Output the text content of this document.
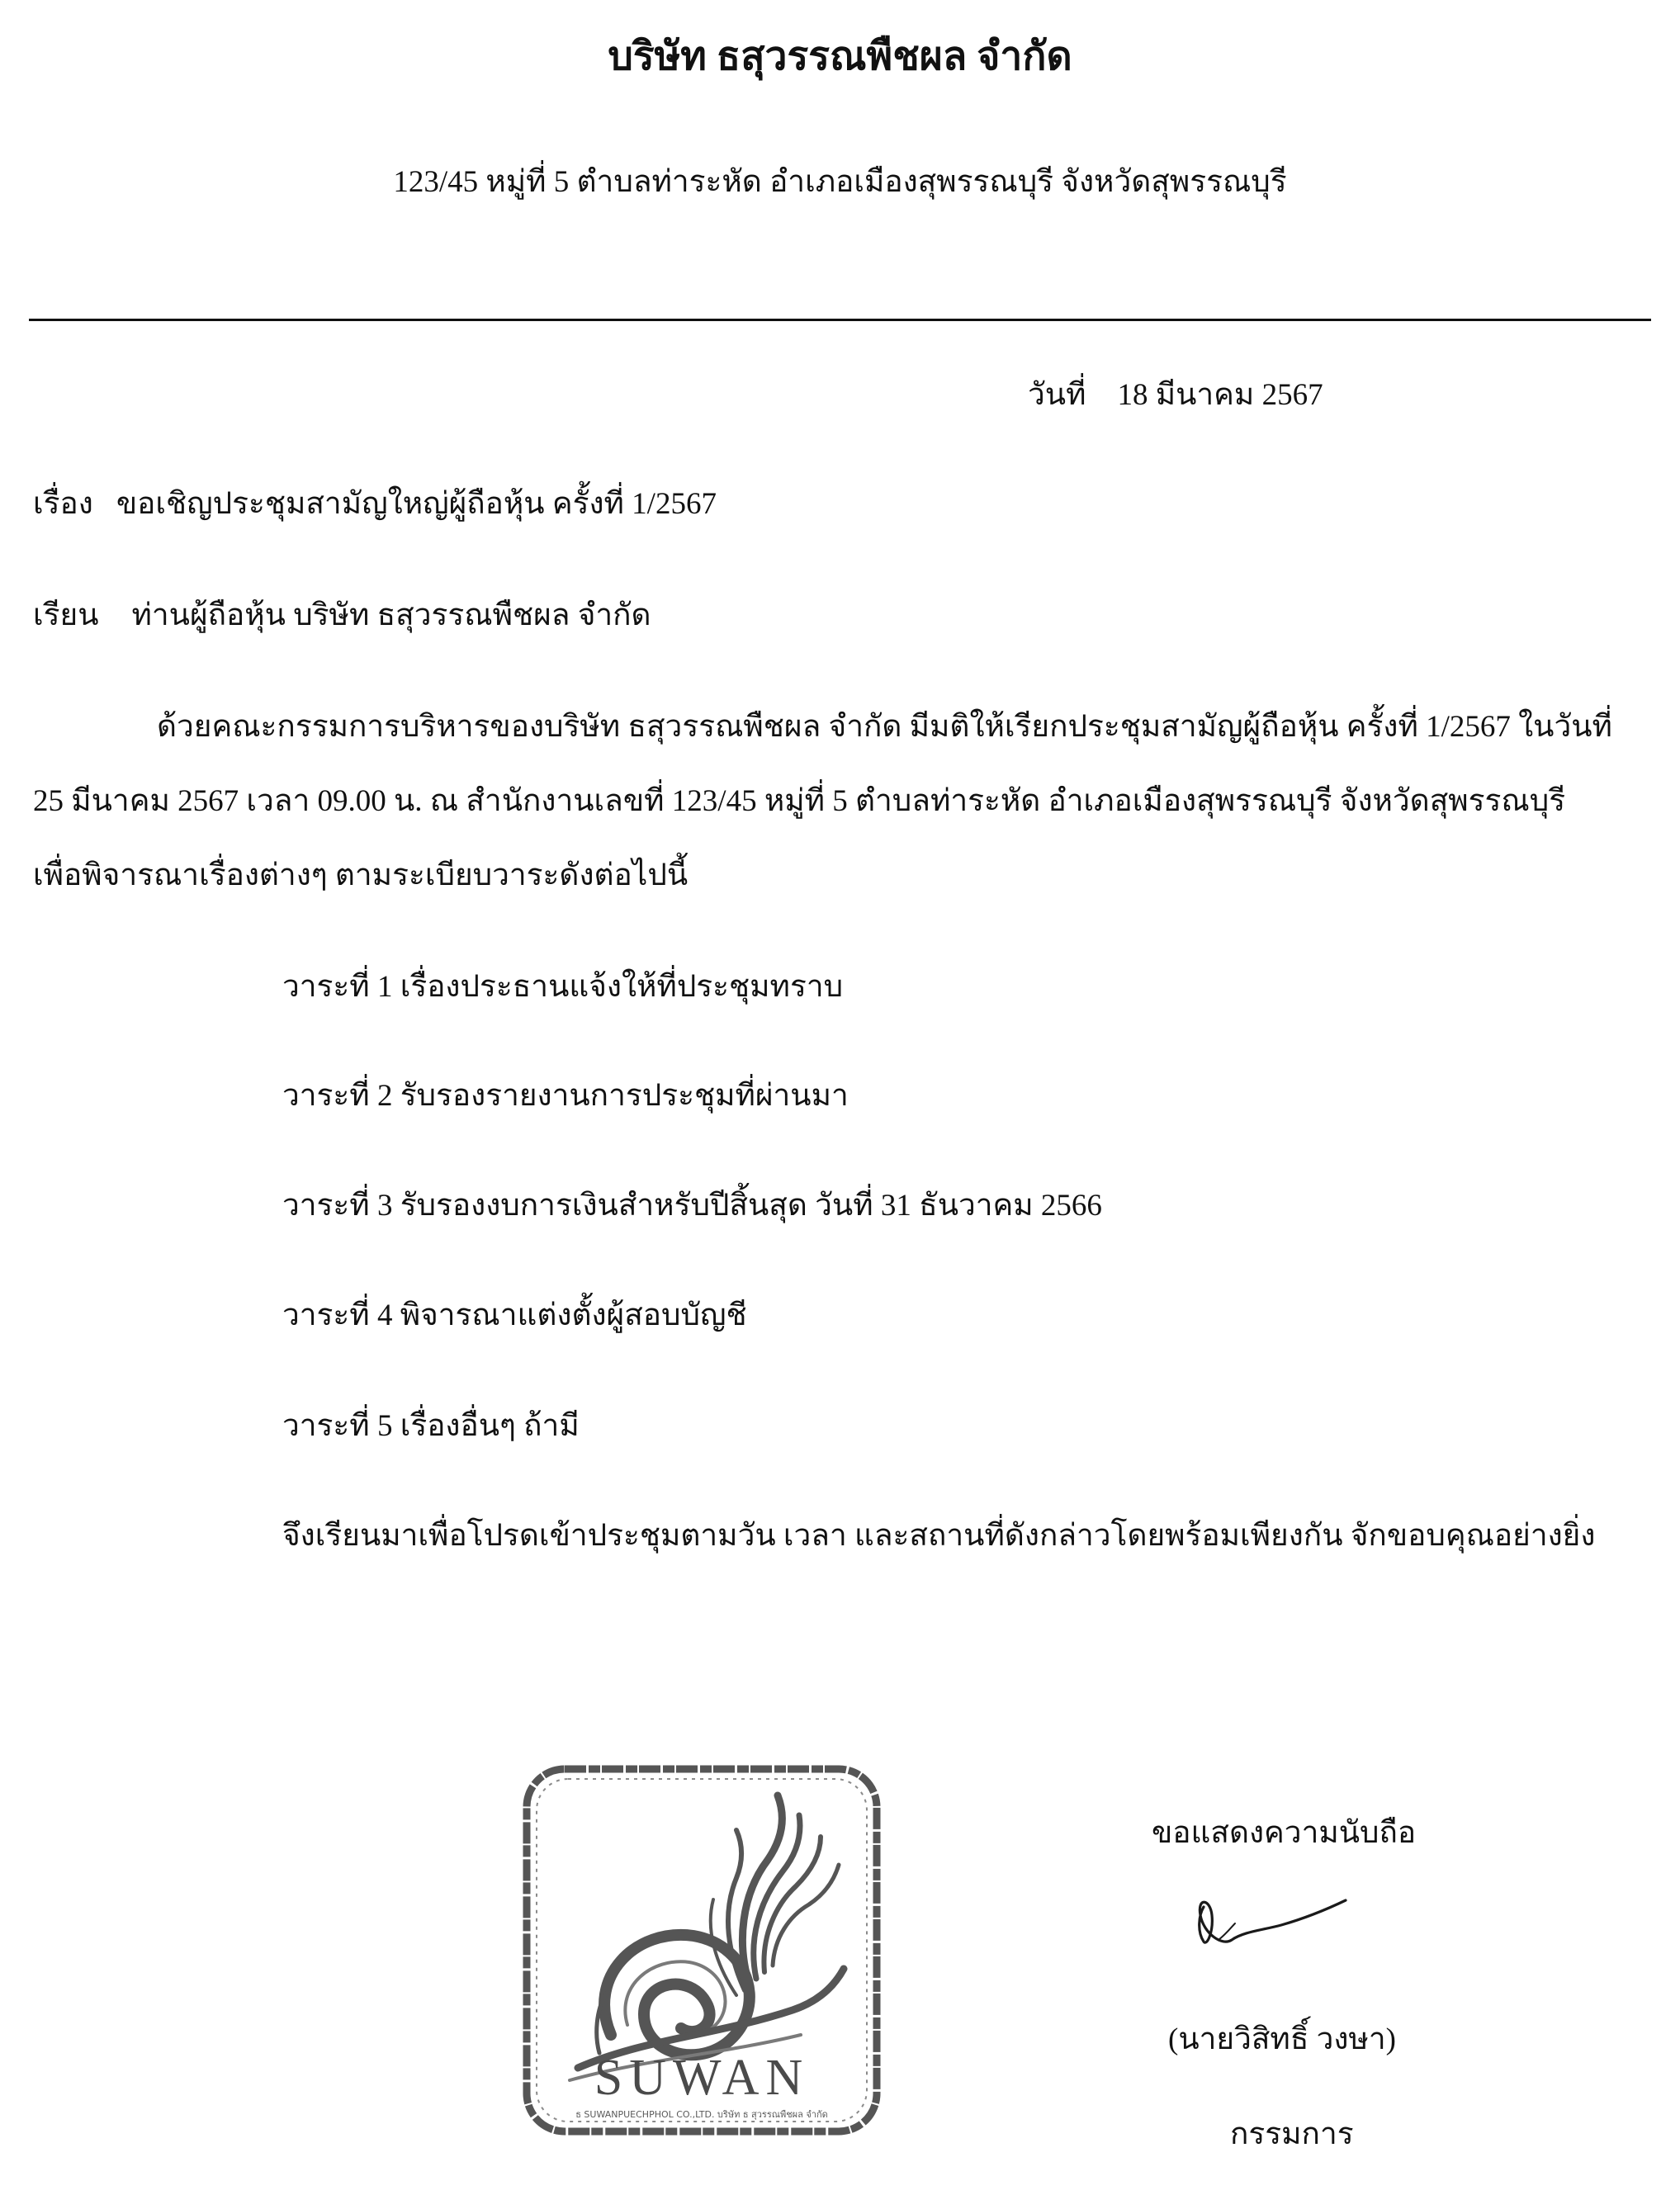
บริษัท ธสุวรรณพืชผล จำกัด
123/45 หมู่ที่ 5 ตำบลท่าระหัด อำเภอเมืองสุพรรณบุรี จังหวัดสุพรรณบุรี
วันที่ 18 มีนาคม 2567
เรื่อง ขอเชิญประชุมสามัญใหญ่ผู้ถือหุ้น ครั้งที่ 1/2567
เรียน ท่านผู้ถือหุ้น บริษัท ธสุวรรณพืชผล จำกัด
ด้วยคณะกรรมการบริหารของบริษัท ธสุวรรณพืชผล จำกัด มีมติให้เรียกประชุมสามัญผู้ถือหุ้น ครั้งที่ 1/2567 ในวันที่
25 มีนาคม 2567 เวลา 09.00 น. ณ สำนักงานเลขที่ 123/45 หมู่ที่ 5 ตำบลท่าระหัด อำเภอเมืองสุพรรณบุรี จังหวัดสุพรรณบุรี
เพื่อพิจารณาเรื่องต่างๆ ตามระเบียบวาระดังต่อไปนี้
วาระที่ 1 เรื่องประธานแจ้งให้ที่ประชุมทราบ
วาระที่ 2 รับรองรายงานการประชุมที่ผ่านมา
วาระที่ 3 รับรองงบการเงินสำหรับปีสิ้นสุด วันที่ 31 ธันวาคม 2566
วาระที่ 4 พิจารณาแต่งตั้งผู้สอบบัญชี
วาระที่ 5 เรื่องอื่นๆ ถ้ามี
จึงเรียนมาเพื่อโปรดเข้าประชุมตามวัน เวลา และสถานที่ดังกล่าวโดยพร้อมเพียงกัน จักขอบคุณอย่างยิ่ง
SUWAN
ธ SUWANPUECHPHOL CO.,LTD. บริษัท ธ สุวรรณพืชผล จำกัด
ขอแสดงความนับถือ
(นายวิสิทธิ์ วงษา)
กรรมการ
